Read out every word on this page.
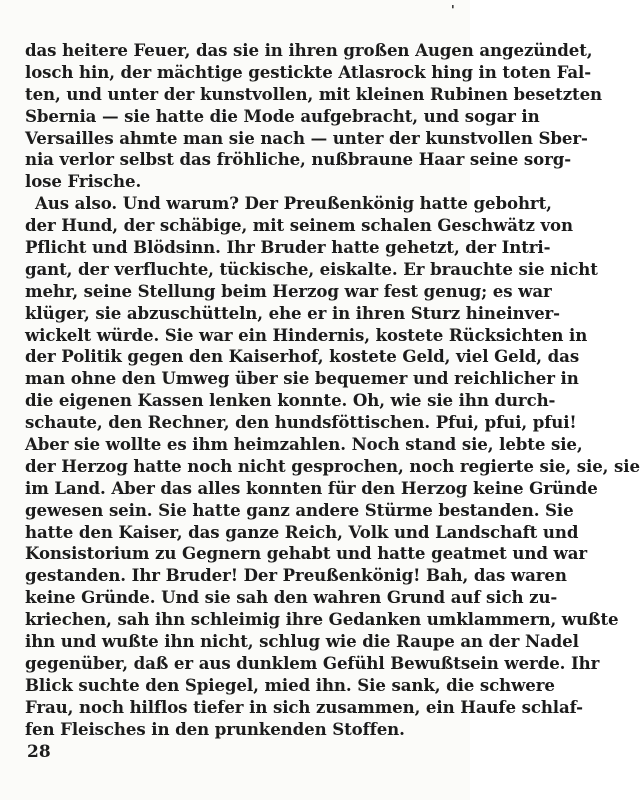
'
das heitere Feuer, das sie in ihren großen Augen angezündet,
losch hin, der mächtige gestickte Atlasrock hing in toten Fal-
ten, und unter der kunstvollen, mit kleinen Rubinen besetzten
Sbernia — sie hatte die Mode aufgebracht, und sogar in
Versailles ahmte man sie nach — unter der kunstvollen Sber-
nia verlor selbst das fröhliche, nußbraune Haar seine sorg-
lose Frische.
Aus also. Und warum? Der Preußenkönig hatte gebohrt,
der Hund, der schäbige, mit seinem schalen Geschwätz von
Pflicht und Blödsinn. Ihr Bruder hatte gehetzt, der Intri-
gant, der verfluchte, tückische, eiskalte. Er brauchte sie nicht
mehr, seine Stellung beim Herzog war fest genug; es war
klüger, sie abzuschütteln, ehe er in ihren Sturz hineinver-
wickelt würde. Sie war ein Hindernis, kostete Rücksichten in
der Politik gegen den Kaiserhof, kostete Geld, viel Geld, das
man ohne den Umweg über sie bequemer und reichlicher in
die eigenen Kassen lenken konnte. Oh, wie sie ihn durch-
schaute, den Rechner, den hundsföttischen. Pfui, pfui, pfui!
Aber sie wollte es ihm heimzahlen. Noch stand sie, lebte sie,
der Herzog hatte noch nicht gesprochen, noch regierte sie, sie, sie
im Land. Aber das alles konnten für den Herzog keine Gründe
gewesen sein. Sie hatte ganz andere Stürme bestanden. Sie
hatte den Kaiser, das ganze Reich, Volk und Landschaft und
Konsistorium zu Gegnern gehabt und hatte geatmet und war
gestanden. Ihr Bruder! Der Preußenkönig! Bah, das waren
keine Gründe. Und sie sah den wahren Grund auf sich zu-
kriechen, sah ihn schleimig ihre Gedanken umklammern, wußte
ihn und wußte ihn nicht, schlug wie die Raupe an der Nadel
gegenüber, daß er aus dunklem Gefühl Bewußtsein werde. Ihr
Blick suchte den Spiegel, mied ihn. Sie sank, die schwere
Frau, noch hilflos tiefer in sich zusammen, ein Haufe schlaf-
fen Fleisches in den prunkenden Stoffen.
28
